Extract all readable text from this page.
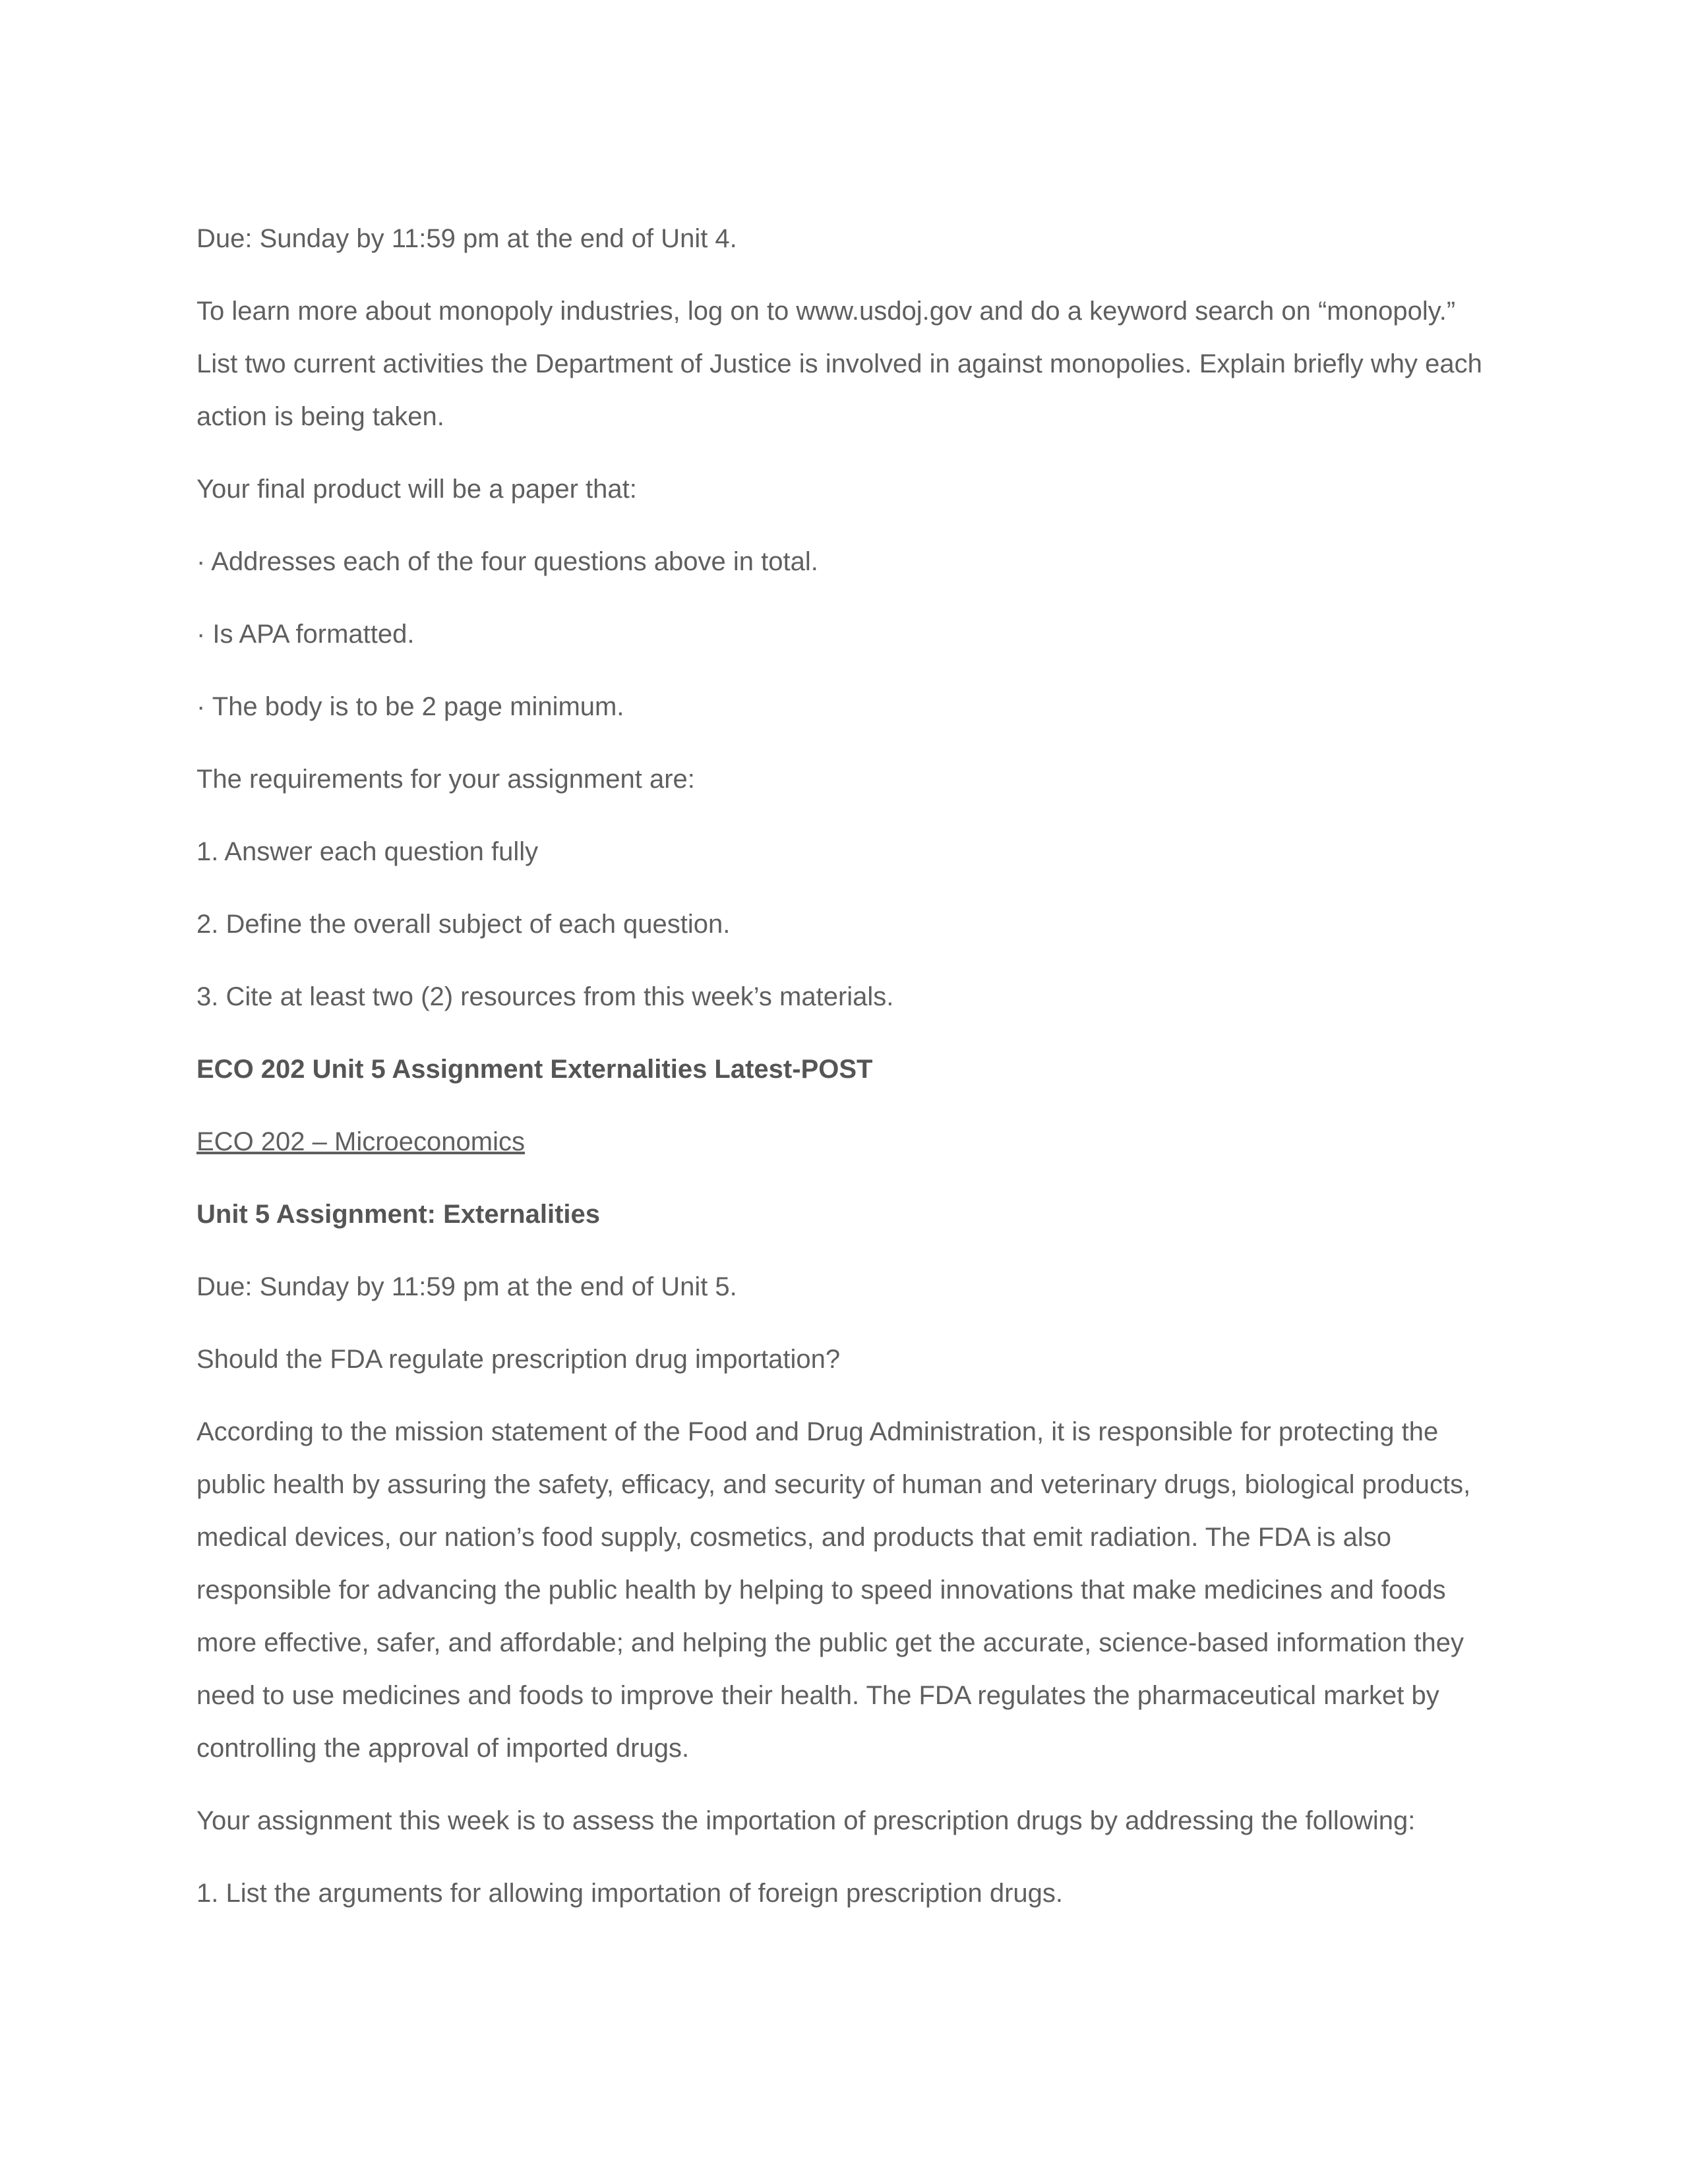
Due: Sunday by 11:59 pm at the end of Unit 4.

To learn more about monopoly industries, log on to www.usdoj.gov and do a keyword search on “monopoly.” List two current activities the Department of Justice is involved in against monopolies. Explain briefly why each action is being taken.

Your final product will be a paper that:

· Addresses each of the four questions above in total.

· Is APA formatted.

· The body is to be 2 page minimum.

The requirements for your assignment are:

1. Answer each question fully

2. Define the overall subject of each question.

3. Cite at least two (2) resources from this week’s materials.

ECO 202 Unit 5 Assignment Externalities Latest-POST

ECO 202 – Microeconomics

Unit 5 Assignment: Externalities

Due: Sunday by 11:59 pm at the end of Unit 5.

Should the FDA regulate prescription drug importation?

According to the mission statement of the Food and Drug Administration, it is responsible for protecting the public health by assuring the safety, efficacy, and security of human and veterinary drugs, biological products, medical devices, our nation’s food supply, cosmetics, and products that emit radiation. The FDA is also responsible for advancing the public health by helping to speed innovations that make medicines and foods more effective, safer, and affordable; and helping the public get the accurate, science-based information they need to use medicines and foods to improve their health. The FDA regulates the pharmaceutical market by controlling the approval of imported drugs.

Your assignment this week is to assess the importation of prescription drugs by addressing the following:

1. List the arguments for allowing importation of foreign prescription drugs.
